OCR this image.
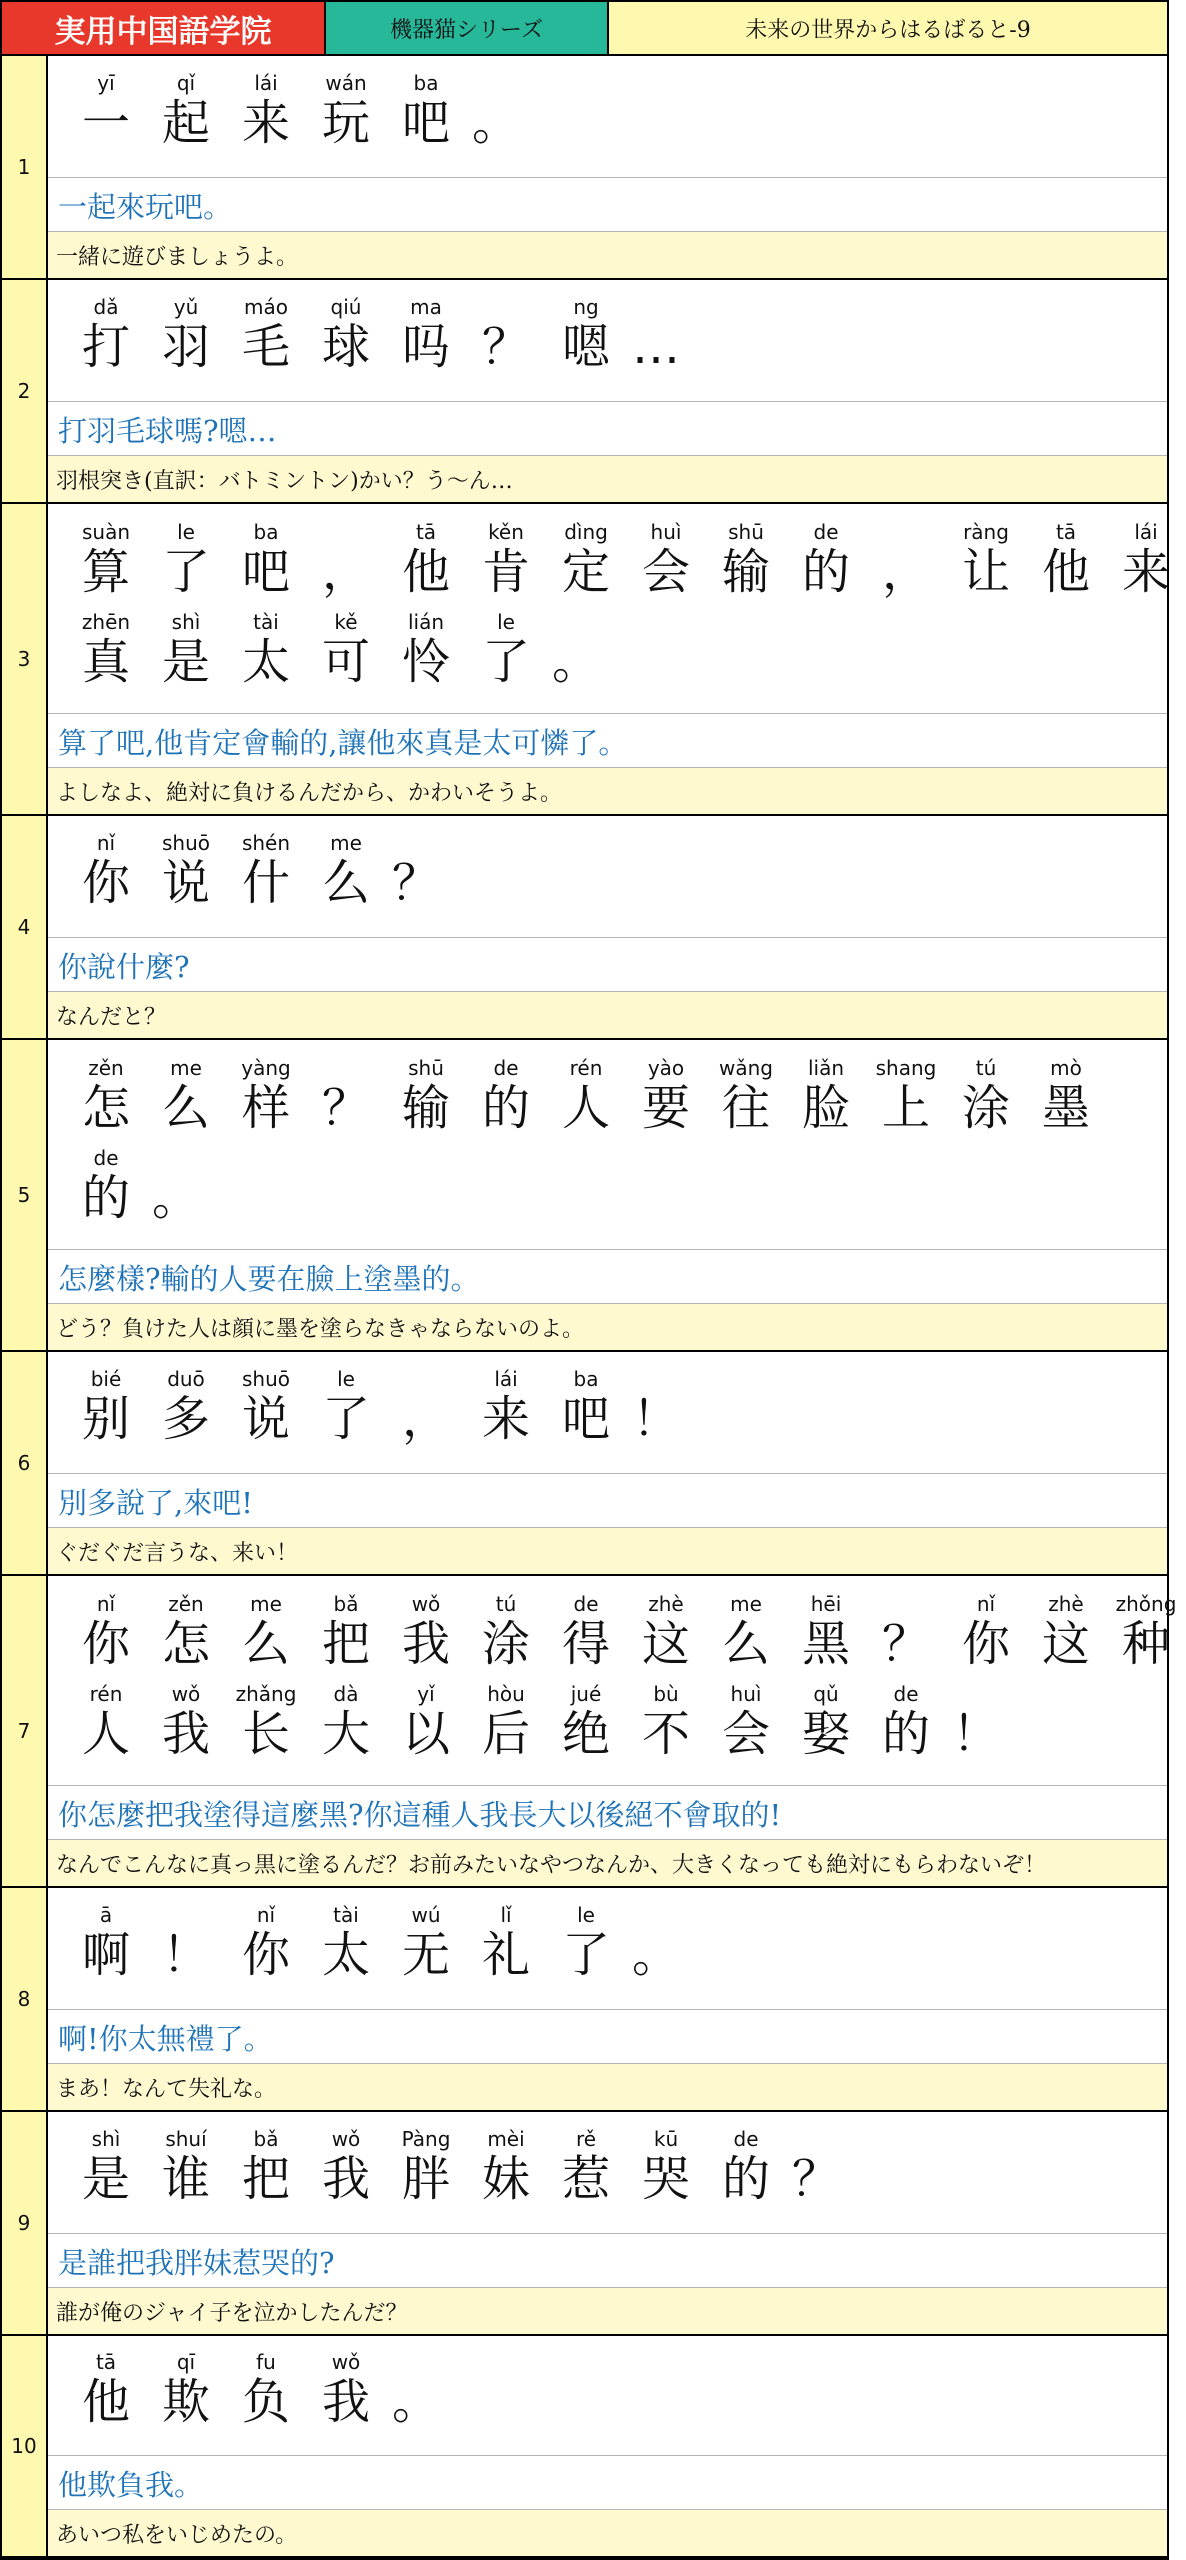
実用中国語学院	機器猫シリーズ	未来の世界からはるばると-9
1
yī
一
qǐ
起
lái
来
wán
玩
ba
吧 。
一起來玩吧。
一緒に遊びましょうよ。
2
dǎ
打
yǔ
羽
máo
毛
qiú
球
ma
吗 ？
ng
嗯 …
打羽毛球嗎?嗯…
羽根突き(直訳：バトミントン)かい？う～ん…
3
suàn
算
le
了
ba
吧 ，
tā
他
kěn
肯
dìng
定
huì
会
shū
输
de
的 ，
ràng
让
tā
他
lái
来
zhēn
真
shì
是
tài
太
kě
可
lián
怜
le
了 。
算了吧,他肯定會輸的,讓他來真是太可憐了。
よしなよ、絶対に負けるんだから、かわいそうよ。
4
nǐ
你
shuō
说
shén
什
me
么 ？
你說什麼?
なんだと？
5
zěn
怎
me
么
yàng
样 ？
shū
输
de
的
rén
人
yào
要
wǎng
往
liǎn
脸
shang
上
tú
涂
mò
墨
de
的 。
怎麼樣?輸的人要在臉上塗墨的。
どう？負けた人は顔に墨を塗らなきゃならないのよ。
6
bié
别
duō
多
shuō
说
le
了 ，
lái
来
ba
吧 ！
別多說了,來吧!
ぐだぐだ言うな、来い！
7
nǐ
你
zěn
怎
me
么
bǎ
把
wǒ
我
tú
涂
de
得
zhè
这
me
么
hēi
黑 ？
nǐ
你
zhè
这
zhǒng
种
rén
人
wǒ
我
zhǎng
长
dà
大
yǐ
以
hòu
后
jué
绝
bù
不
huì
会
qǔ
娶
de
的 ！
你怎麼把我塗得這麼黑?你這種人我長大以後絕不會取的!
なんでこんなに真っ黒に塗るんだ？お前みたいなやつなんか、大きくなっても絶対にもらわないぞ！
8
ā
啊 ！
nǐ
你
tài
太
wú
无
lǐ
礼
le
了 。
啊!你太無禮了。
まあ！なんて失礼な。
9
shì
是
shuí
谁
bǎ
把
wǒ
我
Pàng
胖
mèi
妹
rě
惹
kū
哭
de
的 ？
是誰把我胖妹惹哭的?
誰が俺のジャイ子を泣かしたんだ？
10
tā
他
qī
欺
fu
负
wǒ
我 。
他欺負我。
あいつ私をいじめたの。
